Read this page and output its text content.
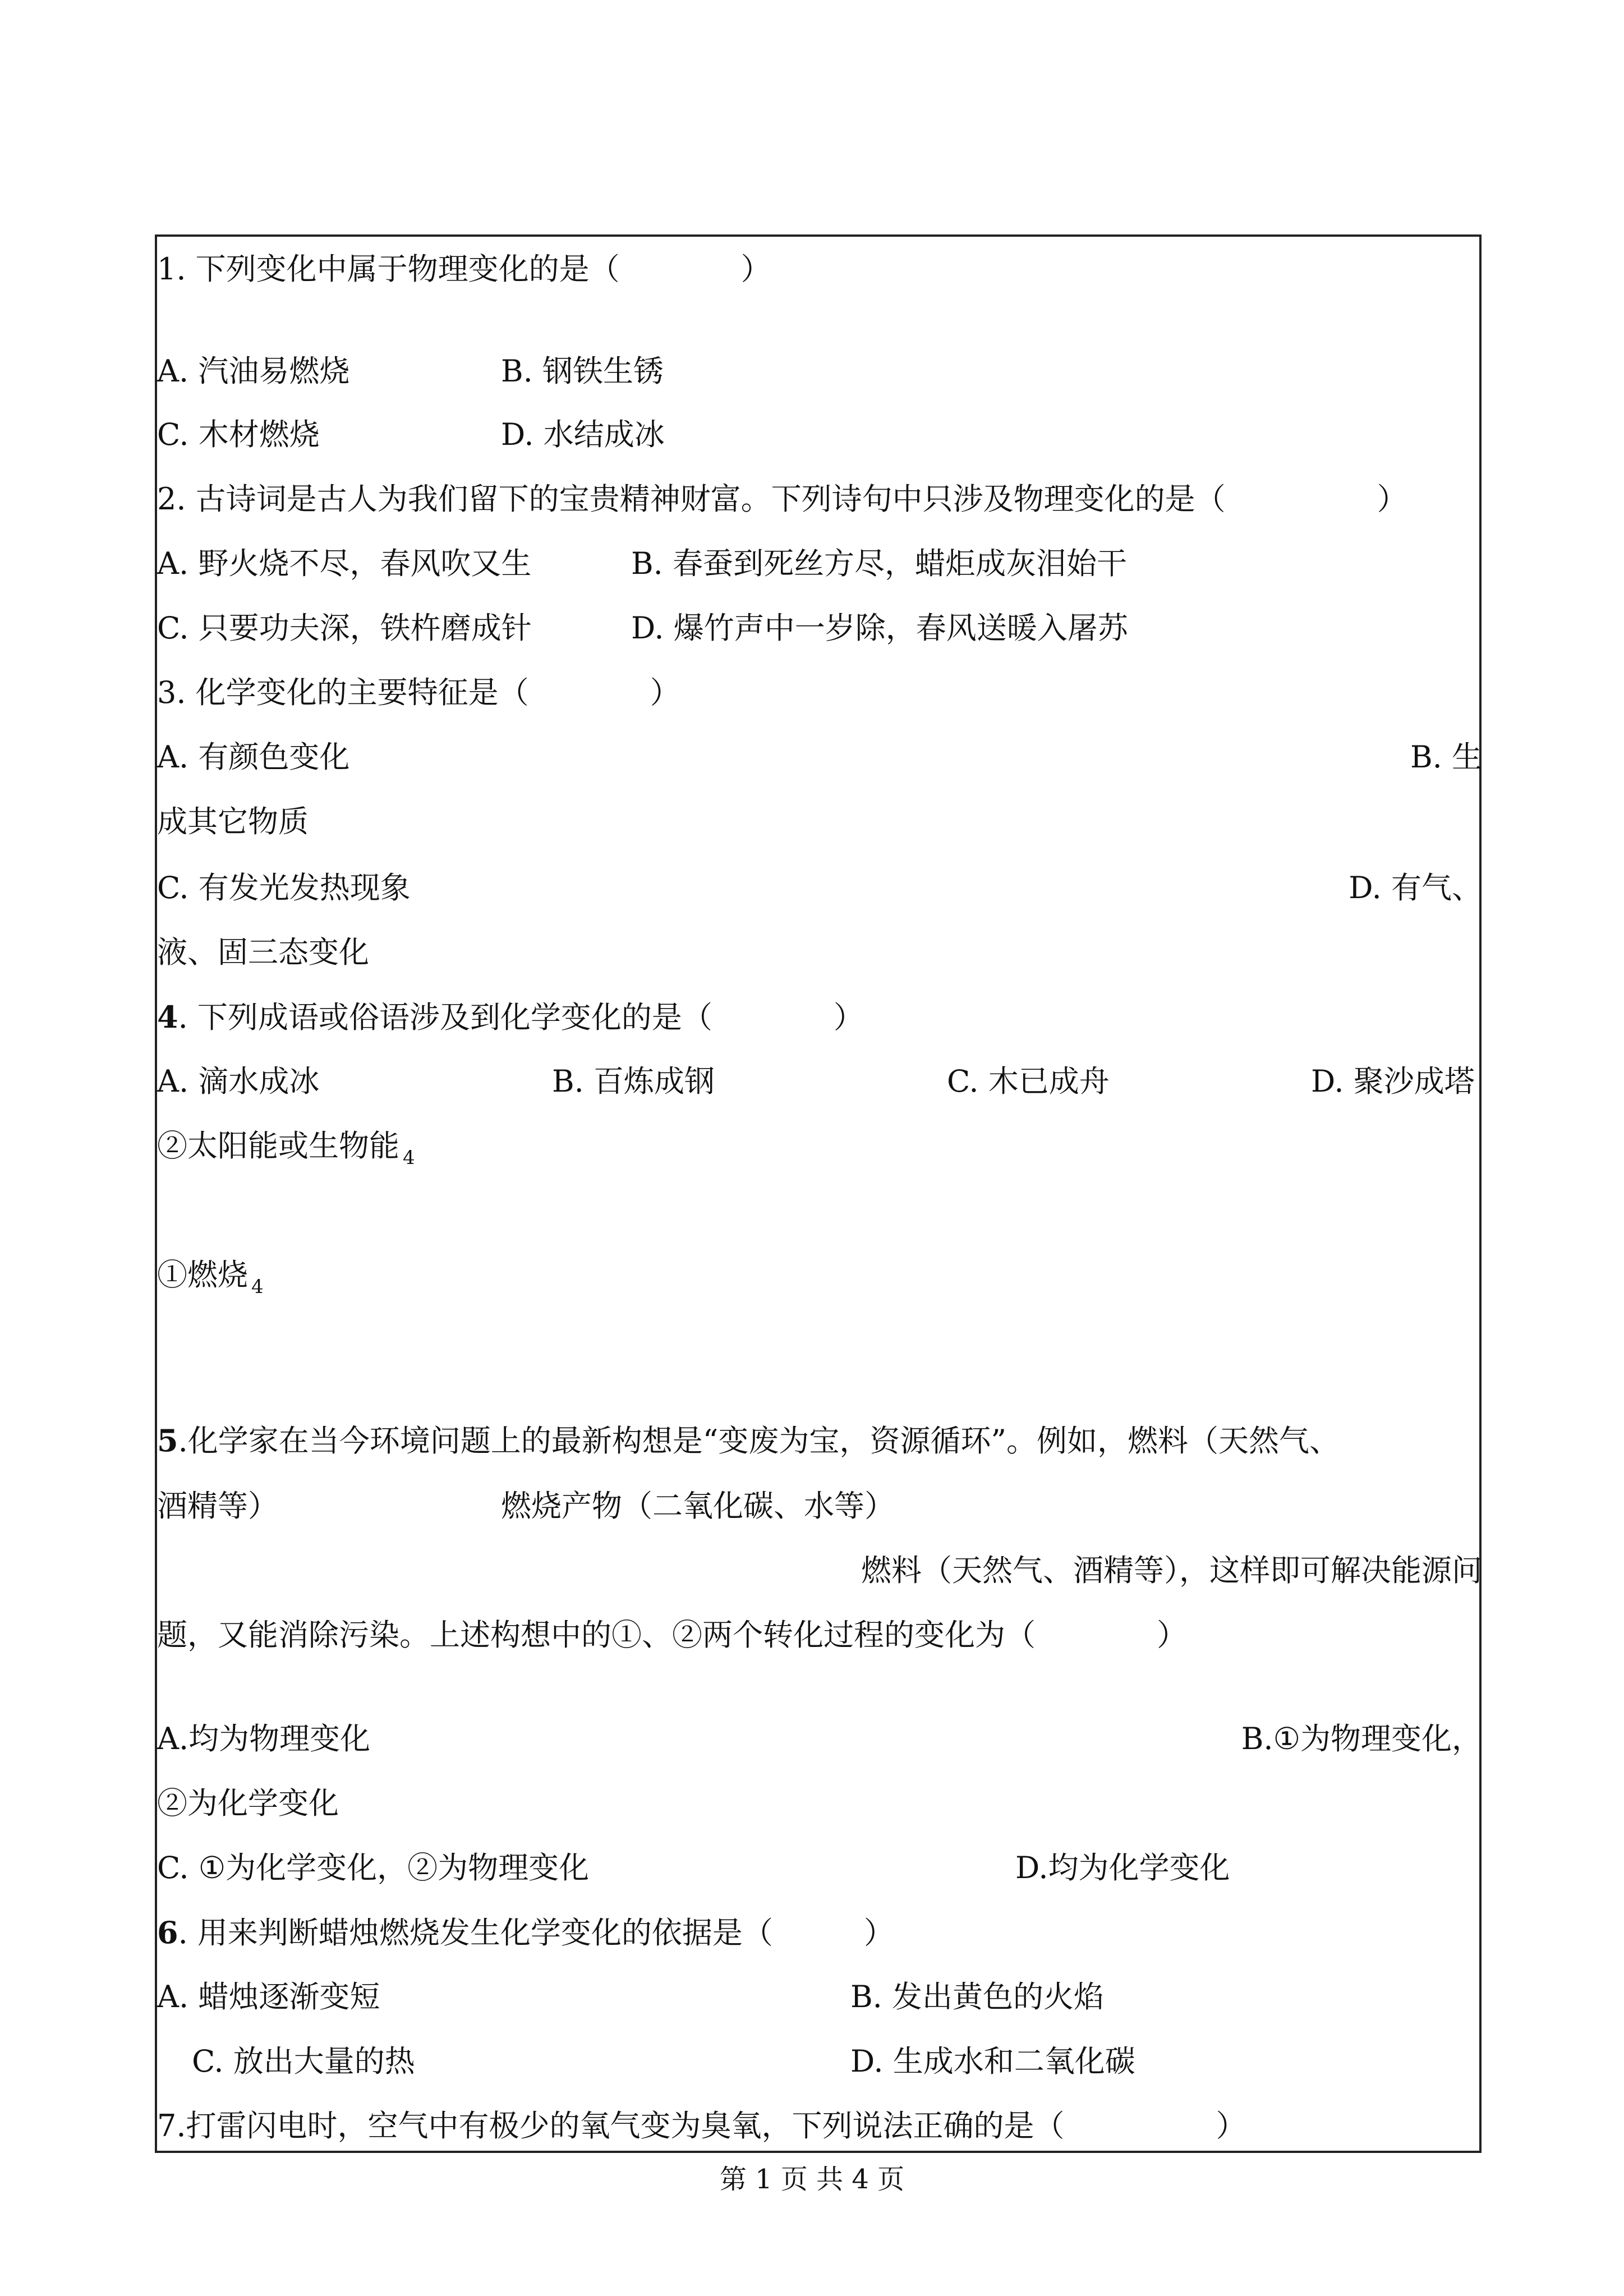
1. 下列变化中属于物理变化的是（　　　　）
A. 汽油易燃烧	B. 钢铁生锈
C. 木材燃烧	D. 水结成冰
2. 古诗词是古人为我们留下的宝贵精神财富。下列诗句中只涉及物理变化的是（　　　　　）
A. 野火烧不尽，春风吹又生	B. 春蚕到死丝方尽，蜡炬成灰泪始干
C. 只要功夫深，铁杵磨成针	D. 爆竹声中一岁除，春风送暖入屠苏
3. 化学变化的主要特征是（　　　　）
A. 有颜色变化	B. 生
成其它物质
C. 有发光发热现象	D. 有气、
液、固三态变化
4. 下列成语或俗语涉及到化学变化的是（　　　　）
A. 滴水成冰	B. 百炼成钢	C. 木已成舟	D. 聚沙成塔
②太阳能或生物能 $_4$
①燃烧 $_4$
5.化学家在当今环境问题上的最新构想是“变废为宝，资源循环”。例如，燃料（天然气、
酒精等）	燃烧产物（二氧化碳、水等）
燃料（天然气、酒精等），这样即可解决能源问
题，又能消除污染。上述构想中的①、②两个转化过程的变化为（　　　　）
A.均为物理变化	B.①为物理变化，
②为化学变化
C. ①为化学变化，②为物理变化	D.均为化学变化
6. 用来判断蜡烛燃烧发生化学变化的依据是（　　　）
A. 蜡烛逐渐变短	B. 发出黄色的火焰
C. 放出大量的热	D. 生成水和二氧化碳
7.打雷闪电时，空气中有极少的氧气变为臭氧，下列说法正确的是（　　　　　）
第 1 页 共 4 页
